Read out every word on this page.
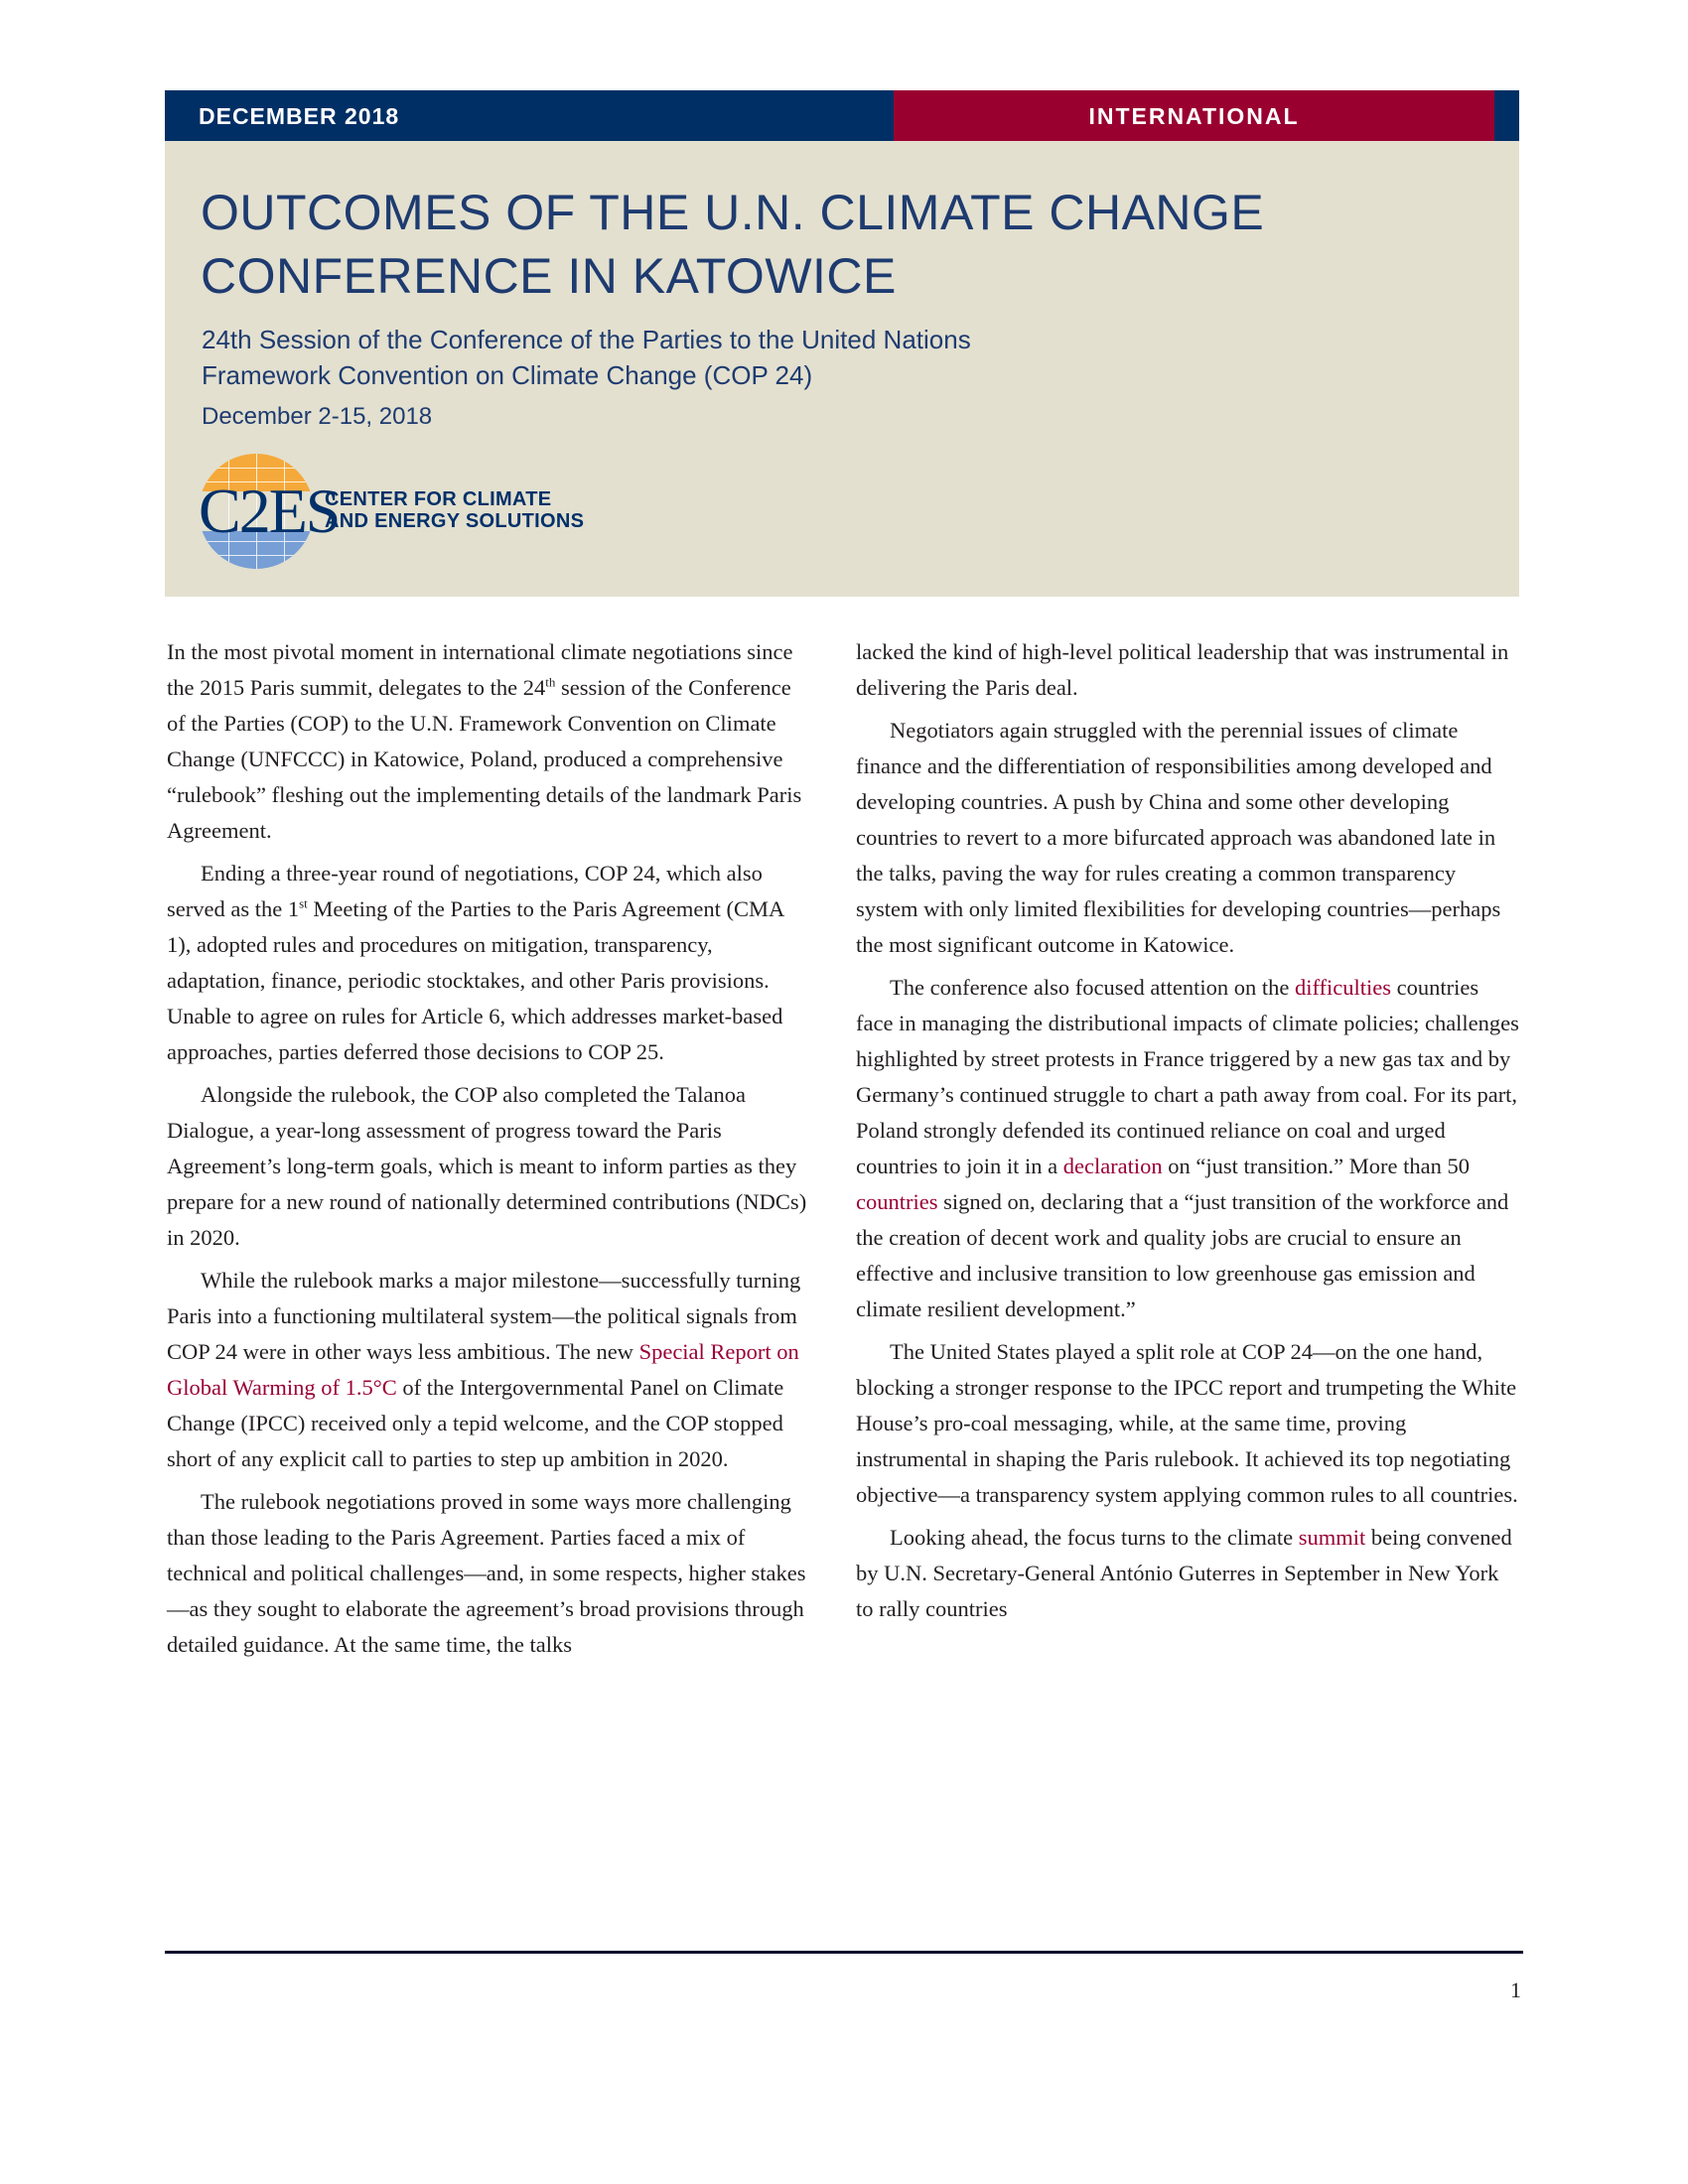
DECEMBER 2018	INTERNATIONAL
OUTCOMES OF THE U.N. CLIMATE CHANGE
CONFERENCE IN KATOWICE
24th Session of the Conference of the Parties to the United Nations
Framework Convention on Climate Change (COP 24)
December 2-15, 2018
C2ES
CENTER FOR CLIMATE
AND ENERGY SOLUTIONS

In the most pivotal moment in international climate negotiations since the 2015 Paris summit, delegates to the 24th session of the Conference of the Parties (COP) to the U.N. Framework Convention on Climate Change (UNFCCC) in Katowice, Poland, produced a comprehensive “rulebook” fleshing out the implementing details of the landmark Paris Agreement.

Ending a three-year round of negotiations, COP 24, which also served as the 1st Meeting of the Parties to the Paris Agreement (CMA 1), adopted rules and procedures on mitigation, transparency, adaptation, finance, periodic stocktakes, and other Paris provisions. Unable to agree on rules for Article 6, which addresses market-based approaches, parties deferred those decisions to COP 25.

Alongside the rulebook, the COP also completed the Talanoa Dialogue, a year-long assessment of progress toward the Paris Agreement’s long-term goals, which is meant to inform parties as they prepare for a new round of nationally determined contributions (NDCs) in 2020.

While the rulebook marks a major milestone—successfully turning Paris into a functioning multilateral system—the political signals from COP 24 were in other ways less ambitious. The new Special Report on Global Warming of 1.5°C of the Intergovernmental Panel on Climate Change (IPCC) received only a tepid welcome, and the COP stopped short of any explicit call to parties to step up ambition in 2020.

The rulebook negotiations proved in some ways more challenging than those leading to the Paris Agreement. Parties faced a mix of technical and political challenges—and, in some respects, higher stakes—as they sought to elaborate the agreement’s broad provisions through detailed guidance. At the same time, the talks

lacked the kind of high-level political leadership that was instrumental in delivering the Paris deal.

Negotiators again struggled with the perennial issues of climate finance and the differentiation of responsibilities among developed and developing countries. A push by China and some other developing countries to revert to a more bifurcated approach was abandoned late in the talks, paving the way for rules creating a common transparency system with only limited flexibilities for developing countries—perhaps the most significant outcome in Katowice.

The conference also focused attention on the difficulties countries face in managing the distributional impacts of climate policies; challenges highlighted by street protests in France triggered by a new gas tax and by Germany’s continued struggle to chart a path away from coal. For its part, Poland strongly defended its continued reliance on coal and urged countries to join it in a declaration on “just transition.” More than 50 countries signed on, declaring that a “just transition of the workforce and the creation of decent work and quality jobs are crucial to ensure an effective and inclusive transition to low greenhouse gas emission and climate resilient development.”

The United States played a split role at COP 24—on the one hand, blocking a stronger response to the IPCC report and trumpeting the White House’s pro-coal messaging, while, at the same time, proving instrumental in shaping the Paris rulebook. It achieved its top negotiating objective—a transparency system applying common rules to all countries.

Looking ahead, the focus turns to the climate summit being convened by U.N. Secretary-General António Guterres in September in New York to rally countries

1
